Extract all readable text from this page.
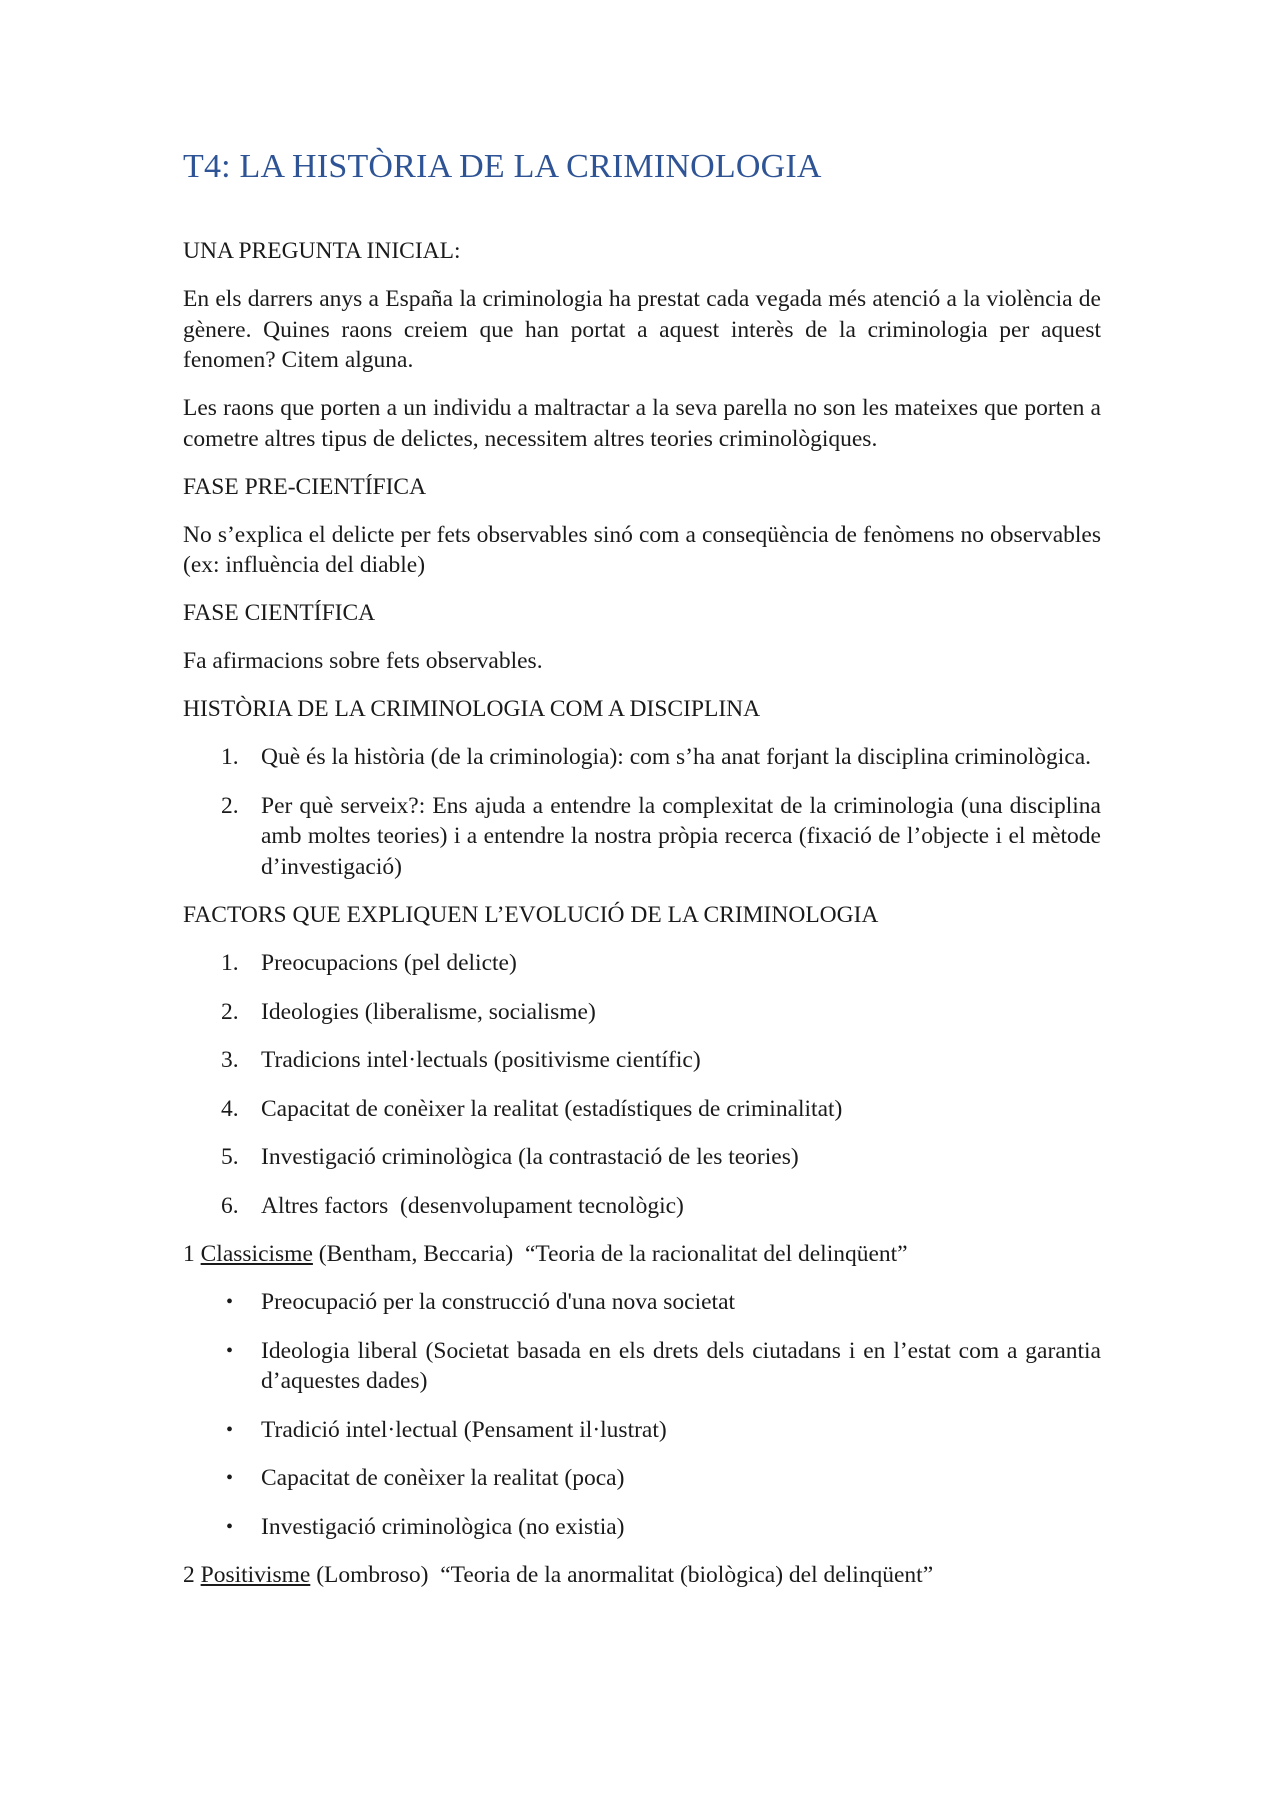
T4: LA HISTÒRIA DE LA CRIMINOLOGIA

UNA PREGUNTA INICIAL:

En els darrers anys a España la criminologia ha prestat cada vegada més atenció a la violència de gènere. Quines raons creiem que han portat a aquest interès de la criminologia per aquest fenomen? Citem alguna.

Les raons que porten a un individu a maltractar a la seva parella no son les mateixes que porten a cometre altres tipus de delictes, necessitem altres teories criminològiques.

FASE PRE-CIENTÍFICA

No s’explica el delicte per fets observables sinó com a conseqüència de fenòmens no observables (ex: influència del diable)

FASE CIENTÍFICA

Fa afirmacions sobre fets observables.

HISTÒRIA DE LA CRIMINOLOGIA COM A DISCIPLINA

1. Què és la història (de la criminologia): com s’ha anat forjant la disciplina criminològica.
2. Per què serveix?: Ens ajuda a entendre la complexitat de la criminologia (una disciplina amb moltes teories) i a entendre la nostra pròpia recerca (fixació de l’objecte i el mètode d’investigació)

FACTORS QUE EXPLIQUEN L’EVOLUCIÓ DE LA CRIMINOLOGIA

1. Preocupacions (pel delicte)
2. Ideologies (liberalisme, socialisme)
3. Tradicions intel·lectuals (positivisme científic)
4. Capacitat de conèixer la realitat (estadístiques de criminalitat)
5. Investigació criminològica (la contrastació de les teories)
6. Altres factors  (desenvolupament tecnològic)

1 Classicisme (Bentham, Beccaria)  “Teoria de la racionalitat del delinqüent”

• Preocupació per la construcció d'una nova societat
• Ideologia liberal (Societat basada en els drets dels ciutadans i en l’estat com a garantia d’aquestes dades)
• Tradició intel·lectual (Pensament il·lustrat)
• Capacitat de conèixer la realitat (poca)
• Investigació criminològica (no existia)

2 Positivisme (Lombroso)  “Teoria de la anormalitat (biològica) del delinqüent”
